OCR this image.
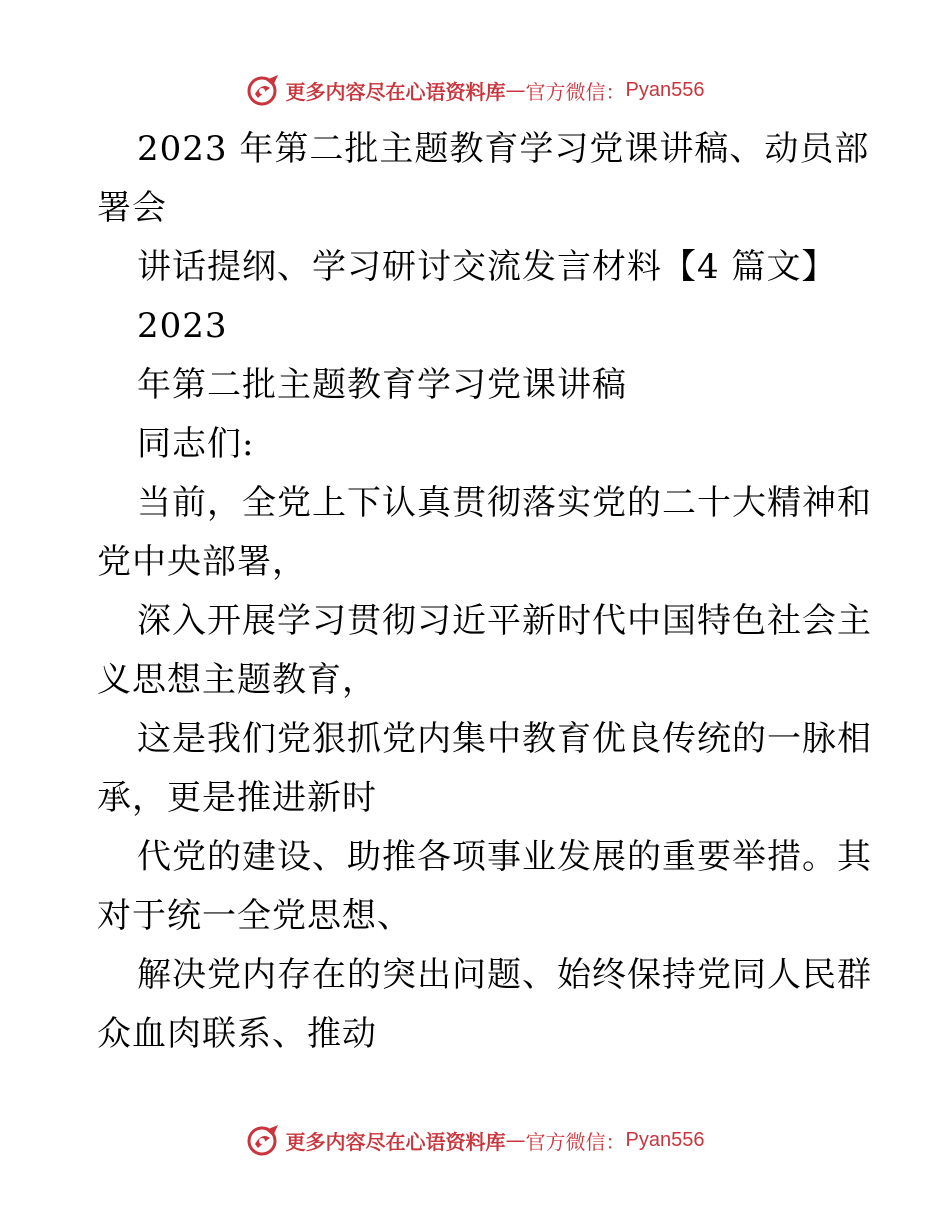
更多内容尽在心语资料库 — 官方微信： Pyan556
2023 年第二批主题教育学习党课讲稿、动员部
署会
讲话提纲、学习研讨交流发言材料【4 篇文】
2023
年第二批主题教育学习党课讲稿
同志们:
当前，全党上下认真贯彻落实党的二十大精神和
党中央部署，
深入开展学习贯彻习近平新时代中国特色社会主
义思想主题教育，
这是我们党狠抓党内集中教育优良传统的一脉相
承，更是推进新时
代党的建设、助推各项事业发展的重要举措。其
对于统一全党思想、
解决党内存在的突出问题、始终保持党同人民群
众血肉联系、推动
更多内容尽在心语资料库 — 官方微信： Pyan556
